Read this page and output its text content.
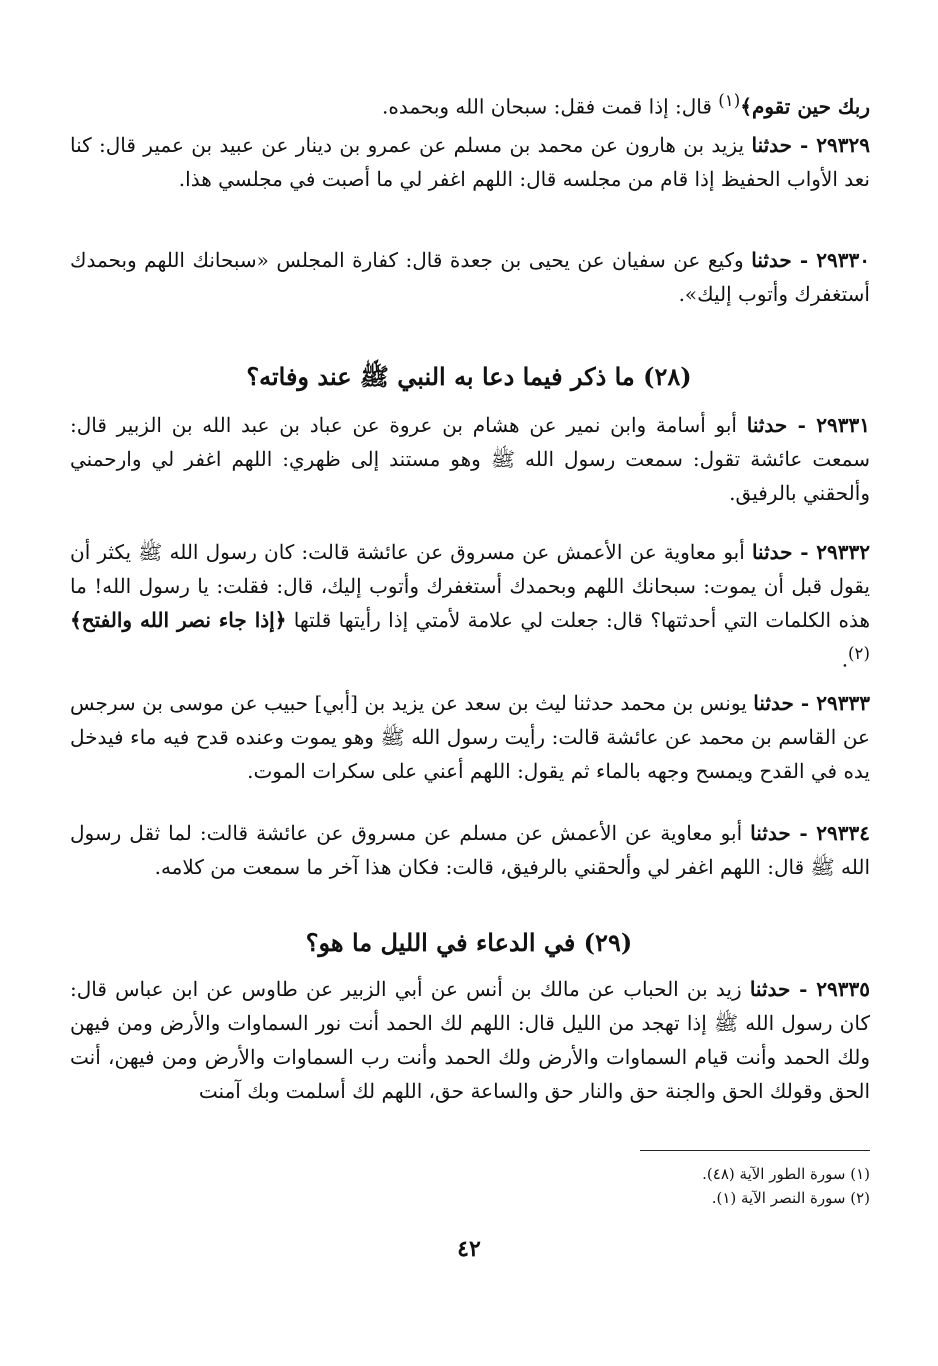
ربك حين تقوم﴾$^{(١)}$ قال: إذا قمت فقل: سبحان الله وبحمده.

٢٩٣٢٩ - حدثنا يزيد بن هارون عن محمد بن مسلم عن عمرو بن دينار عن عبيد بن عمير قال: كنا نعد الأواب الحفيظ إذا قام من مجلسه قال: اللهم اغفر لي ما أصبت في مجلسي هذا.

٢٩٣٣٠ - حدثنا وكيع عن سفيان عن يحيى بن جعدة قال: كفارة المجلس «سبحانك اللهم وبحمدك أستغفرك وأتوب إليك».

(٢٨) ما ذكر فيما دعا به النبي ﷺ عند وفاته؟

٢٩٣٣١ - حدثنا أبو أسامة وابن نمير عن هشام بن عروة عن عباد بن عبد الله بن الزبير قال: سمعت عائشة تقول: سمعت رسول الله ﷺ وهو مستند إلى ظهري: اللهم اغفر لي وارحمني وألحقني بالرفيق.

٢٩٣٣٢ - حدثنا أبو معاوية عن الأعمش عن مسروق عن عائشة قالت: كان رسول الله ﷺ يكثر أن يقول قبل أن يموت: سبحانك اللهم وبحمدك أستغفرك وأتوب إليك، قال: فقلت: يا رسول الله! ما هذه الكلمات التي أحدثتها؟ قال: جعلت لي علامة لأمتي إذا رأيتها قلتها ﴿إذا جاء نصر الله والفتح﴾$^{(٢)}$.

٢٩٣٣٣ - حدثنا يونس بن محمد حدثنا ليث بن سعد عن يزيد بن [أبي] حبيب عن موسى بن سرجس عن القاسم بن محمد عن عائشة قالت: رأيت رسول الله ﷺ وهو يموت وعنده قدح فيه ماء فيدخل يده في القدح ويمسح وجهه بالماء ثم يقول: اللهم أعني على سكرات الموت.

٢٩٣٣٤ - حدثنا أبو معاوية عن الأعمش عن مسلم عن مسروق عن عائشة قالت: لما ثقل رسول الله ﷺ قال: اللهم اغفر لي وألحقني بالرفيق، قالت: فكان هذا آخر ما سمعت من كلامه.

(٢٩) في الدعاء في الليل ما هو؟

٢٩٣٣٥ - حدثنا زيد بن الحباب عن مالك بن أنس عن أبي الزبير عن طاوس عن ابن عباس قال: كان رسول الله ﷺ إذا تهجد من الليل قال: اللهم لك الحمد أنت نور السماوات والأرض ومن فيهن ولك الحمد وأنت قيام السماوات والأرض ولك الحمد وأنت رب السماوات والأرض ومن فيهن، أنت الحق وقولك الحق والجنة حق والنار حق والساعة حق، اللهم لك أسلمت وبك آمنت

(١) سورة الطور الآية (٤٨).

(٢) سورة النصر الآية (١).

٤٢
